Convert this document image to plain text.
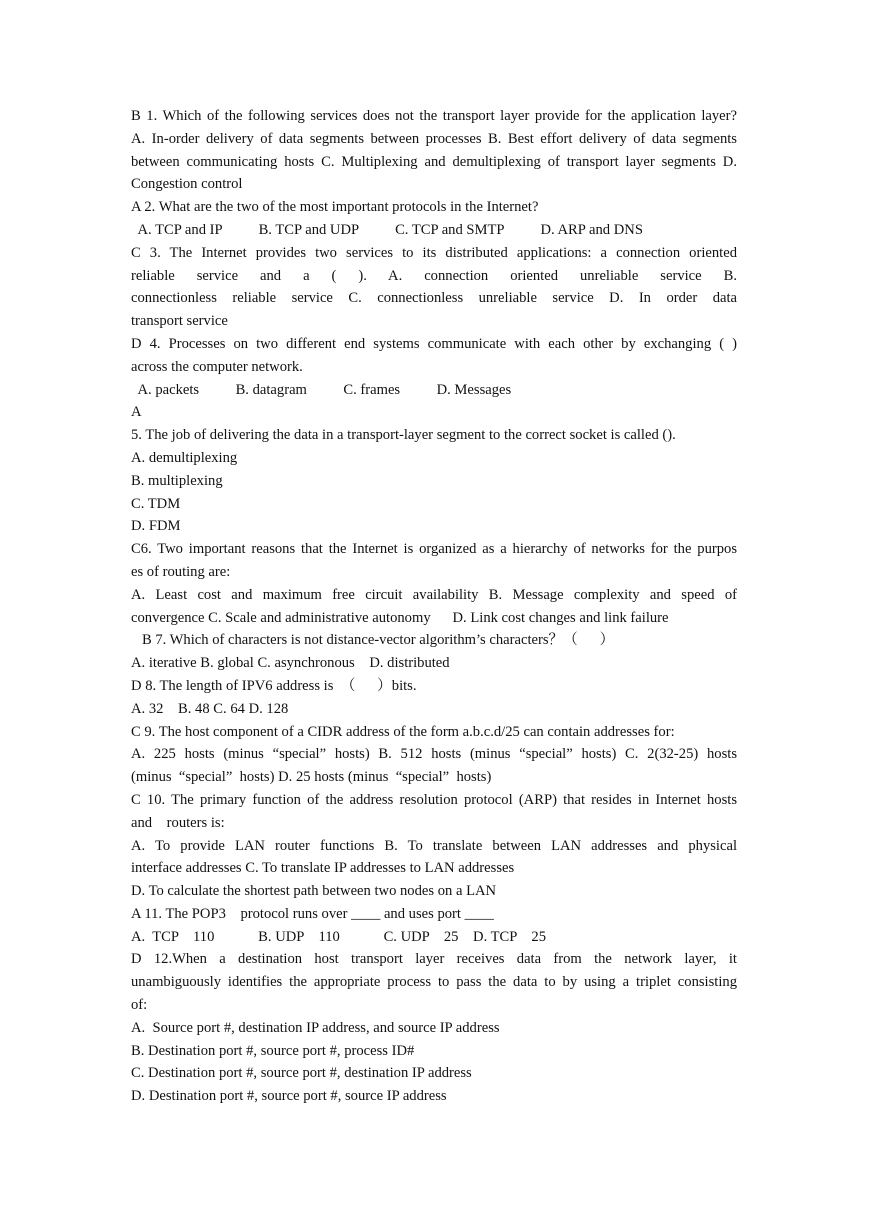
B 1. Which of the following services does not the transport layer provide for the application layer?
A. In-order delivery of data segments between processes B. Best effort delivery of data segments
between communicating hosts C. Multiplexing and demultiplexing of transport layer segments D.
Congestion control
A 2. What are the two of the most important protocols in the Internet?
A. TCP and IP          B. TCP and UDP          C. TCP and SMTP          D. ARP and DNS
C 3. The Internet provides two services to its distributed applications: a connection oriented
reliable service and a ( ). A. connection oriented unreliable service B.
connectionless reliable service C. connectionless unreliable service D. In order data
transport service
D 4. Processes on two different end systems communicate with each other by exchanging ( )
across the computer network.
A. packets          B. datagram          C. frames          D. Messages
A
5. The job of delivering the data in a transport-layer segment to the correct socket is called ().
A. demultiplexing
B. multiplexing
C. TDM
D. FDM
C6. Two important reasons that the Internet is organized as a hierarchy of networks for the purpos
es of routing are:
A. Least cost and maximum free circuit availability B. Message complexity and speed of
convergence C. Scale and administrative autonomy      D. Link cost changes and link failure
B 7. Which of characters is not distance-vector algorithm’s characters？（      ）
A. iterative B. global C. asynchronous    D. distributed
D 8. The length of IPV6 address is  （      ）bits.
A. 32    B. 48 C. 64 D. 128
C 9. The host component of a CIDR address of the form a.b.c.d/25 can contain addresses for:
A. 225 hosts (minus “special” hosts) B. 512 hosts (minus “special” hosts) C. 2(32-25) hosts
(minus  “special”  hosts) D. 25 hosts (minus  “special”  hosts)
C 10. The primary function of the address resolution protocol (ARP) that resides in Internet hosts
and    routers is:
A. To provide LAN router functions B. To translate between LAN addresses and physical
interface addresses C. To translate IP addresses to LAN addresses
D. To calculate the shortest path between two nodes on a LAN
A 11. The POP3    protocol runs over ____ and uses port ____
A.  TCP    110            B. UDP    110            C. UDP    25    D. TCP    25
D 12.When a destination host transport layer receives data from the network layer, it
unambiguously identifies the appropriate process to pass the data to by using a triplet consisting
of:
A.  Source port #, destination IP address, and source IP address
B. Destination port #, source port #, process ID#
C. Destination port #, source port #, destination IP address
D. Destination port #, source port #, source IP address
